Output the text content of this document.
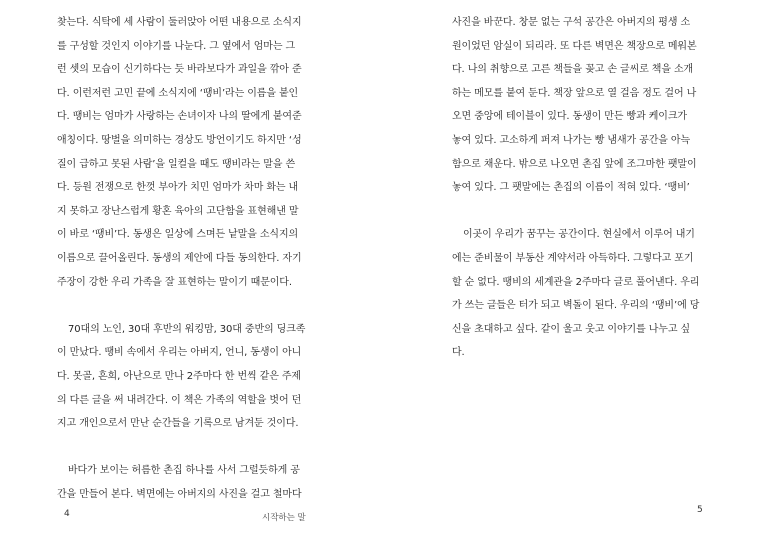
찾는다. 식탁에 세 사람이 둘러앉아 어떤 내용으로 소식지
를 구성할 것인지 이야기를 나눈다. 그 옆에서 엄마는 그
런 셋의 모습이 신기하다는 듯 바라보다가 과일을 깎아 준
다. 이런저런 고민 끝에 소식지에 ‘땡비’라는 이름을 붙인
다. 땡비는 엄마가 사랑하는 손녀이자 나의 딸에게 붙여준
애칭이다. 땅벌을 의미하는 경상도 방언이기도 하지만 ‘성
질이 급하고 못된 사람’을 일컬을 때도 땡비라는 말을 쓴
다. 등원 전쟁으로 한껏 부아가 치민 엄마가 차마 화는 내
지 못하고 장난스럽게 황혼 육아의 고단함을 표현해낸 말
이 바로 ‘땡비’다. 동생은 일상에 스며든 낱말을 소식지의
이름으로 끌어올린다. 동생의 제안에 다들 동의한다. 자기
주장이 강한 우리 가족을 잘 표현하는 말이기 때문이다.
70대의 노인, 30대 후반의 워킹맘, 30대 중반의 딩크족
이 만났다. 땡비 속에서 우리는 아버지, 언니, 동생이 아니
다. 못골, 흔희, 아난으로 만나 2주마다 한 번씩 같은 주제
의 다른 글을 써 내려간다. 이 책은 가족의 역할을 벗어 던
지고 개인으로서 만난 순간들을 기록으로 남겨둔 것이다.
바다가 보이는 허름한 촌집 하나를 사서 그럴듯하게 공
간을 만들어 본다. 벽면에는 아버지의 사진을 걸고 철마다
사진을 바꾼다. 창문 없는 구석 공간은 아버지의 평생 소
원이었던 암실이 되리라. 또 다른 벽면은 책장으로 메워본
다. 나의 취향으로 고른 책들을 꽂고 손 글씨로 책을 소개
하는 메모를 붙여 둔다. 책장 앞으로 열 걸음 정도 걸어 나
오면 중앙에 테이블이 있다. 동생이 만든 빵과 케이크가
놓여 있다. 고소하게 퍼져 나가는 빵 냄새가 공간을 아늑
함으로 채운다. 밖으로 나오면 촌집 앞에 조그마한 팻말이
놓여 있다. 그 팻말에는 촌집의 이름이 적혀 있다. ‘땡비’
이곳이 우리가 꿈꾸는 공간이다. 현실에서 이루어 내기
에는 준비물이 부동산 계약서라 아득하다. 그렇다고 포기
할 순 없다. 땡비의 세계관을 2주마다 글로 풀어낸다. 우리
가 쓰는 글들은 터가 되고 벽돌이 된다. 우리의 ‘땡비’에 당
신을 초대하고 싶다. 같이 울고 웃고 이야기를 나누고 싶
다.
4	시작하는 말
5
